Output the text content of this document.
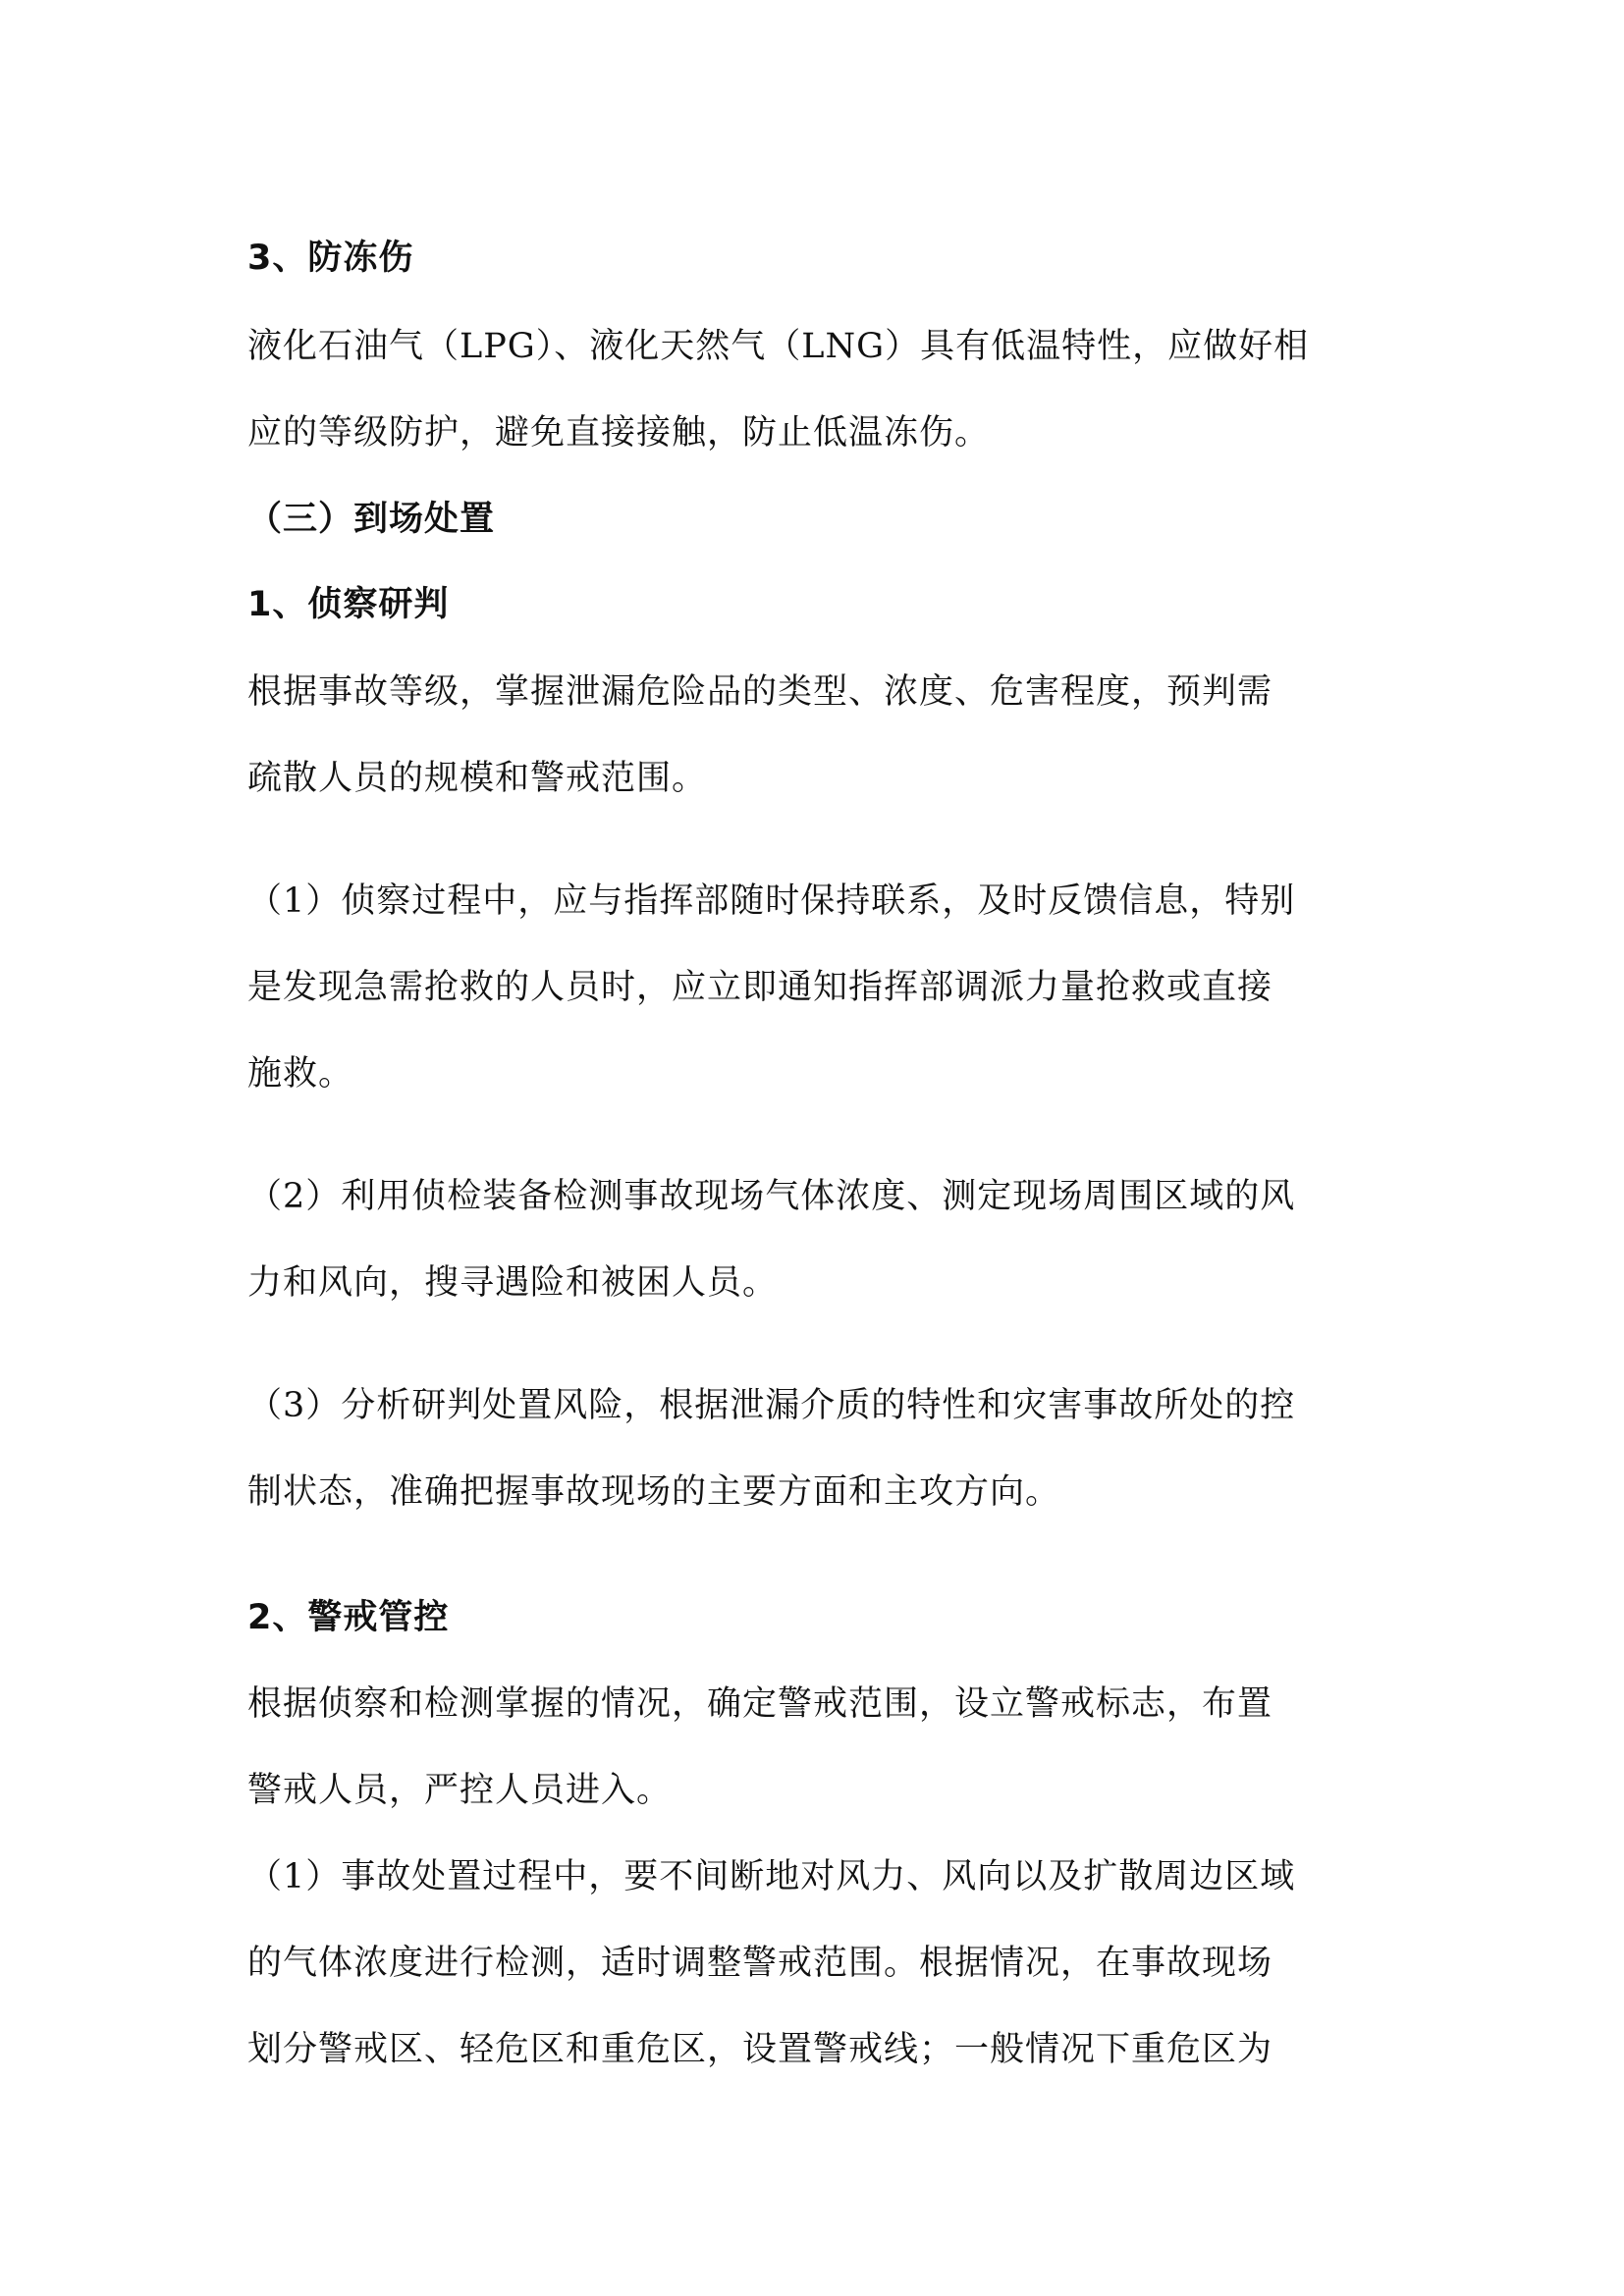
3、防冻伤

液化石油气（LPG）、液化天然气（LNG）具有低温特性，应做好相

应的等级防护，避免直接接触，防止低温冻伤。

（三）到场处置

1、侦察研判

根据事故等级，掌握泄漏危险品的类型、浓度、危害程度，预判需

疏散人员的规模和警戒范围。

（1）侦察过程中，应与指挥部随时保持联系，及时反馈信息，特别

是发现急需抢救的人员时，应立即通知指挥部调派力量抢救或直接

施救。

（2）利用侦检装备检测事故现场气体浓度、测定现场周围区域的风

力和风向，搜寻遇险和被困人员。

（3）分析研判处置风险，根据泄漏介质的特性和灾害事故所处的控

制状态，准确把握事故现场的主要方面和主攻方向。

2、警戒管控

根据侦察和检测掌握的情况，确定警戒范围，设立警戒标志，布置

警戒人员，严控人员进入。

（1）事故处置过程中，要不间断地对风力、风向以及扩散周边区域

的气体浓度进行检测，适时调整警戒范围。根据情况，在事故现场

划分警戒区、轻危区和重危区，设置警戒线；一般情况下重危区为
